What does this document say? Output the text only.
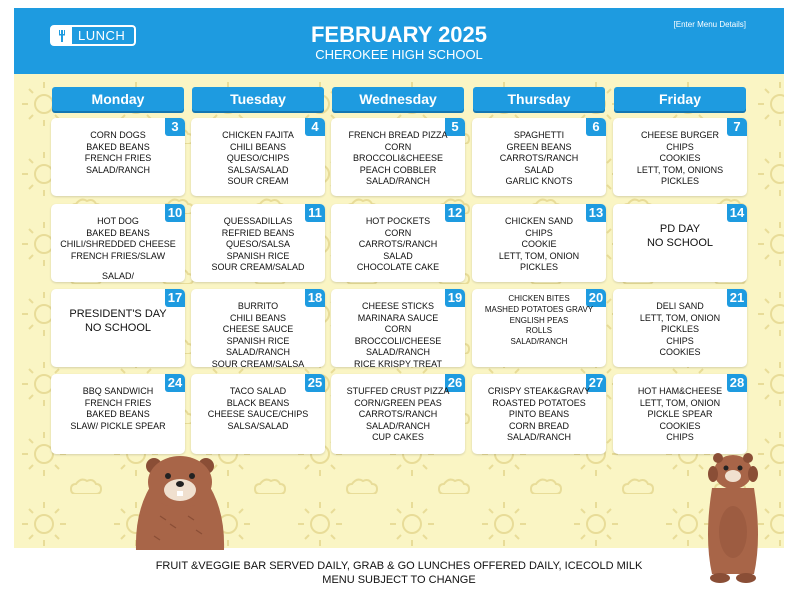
LUNCH
[Enter Menu Details]
FEBRUARY 2025
CHEROKEE HIGH SCHOOL
Monday	Tuesday	Wednesday	Thursday	Friday
3
CORN DOGS
BAKED BEANS
FRENCH FRIES
SALAD/RANCH
4
CHICKEN FAJITA
CHILI BEANS
QUESO/CHIPS
SALSA/SALAD
SOUR CREAM
5
FRENCH BREAD PIZZA
CORN
BROCCOLI&CHEESE
PEACH COBBLER
SALAD/RANCH
6
SPAGHETTI
GREEN BEANS
CARROTS/RANCH
SALAD
GARLIC KNOTS
7
CHEESE BURGER
CHIPS
COOKIES
LETT, TOM, ONIONS
PICKLES
10
HOT DOG
BAKED BEANS
CHILI/SHREDDED CHEESE
FRENCH FRIES/SLAW
SALAD/
11
QUESSADILLAS
REFRIED BEANS
QUESO/SALSA
SPANISH RICE
SOUR CREAM/SALAD
12
HOT POCKETS
CORN
CARROTS/RANCH
SALAD
CHOCOLATE CAKE
13
CHICKEN SAND
CHIPS
COOKIE
LETT, TOM, ONION
PICKLES
14
PD DAY
NO SCHOOL
17
PRESIDENT'S DAY
NO SCHOOL
18
BURRITO
CHILI BEANS
CHEESE SAUCE
SPANISH RICE
SALAD/RANCH
SOUR CREAM/SALSA
19
CHEESE STICKS
MARINARA SAUCE
CORN
BROCCOLI/CHEESE
SALAD/RANCH
RICE KRISPY TREAT
20
CHICKEN BITES
MASHED POTATOES GRAVY
ENGLISH PEAS
ROLLS
SALAD/RANCH
21
DELI SAND
LETT, TOM, ONION
PICKLES
CHIPS
COOKIES
24
BBQ SANDWICH
FRENCH FRIES
BAKED BEANS
SLAW/ PICKLE SPEAR
25
TACO SALAD
BLACK BEANS
CHEESE SAUCE/CHIPS
SALSA/SALAD
26
STUFFED CRUST PIZZA
CORN/GREEN PEAS
CARROTS/RANCH
SALAD/RANCH
CUP CAKES
27
CRISPY STEAK&GRAVY
ROASTED POTATOES
PINTO BEANS
CORN BREAD
SALAD/RANCH
28
HOT HAM&CHEESE
LETT, TOM, ONION
PICKLE SPEAR
COOKIES
CHIPS
FRUIT &VEGGIE BAR SERVED DAILY, GRAB & GO LUNCHES OFFERED DAILY, ICECOLD MILK
MENU SUBJECT TO CHANGE
